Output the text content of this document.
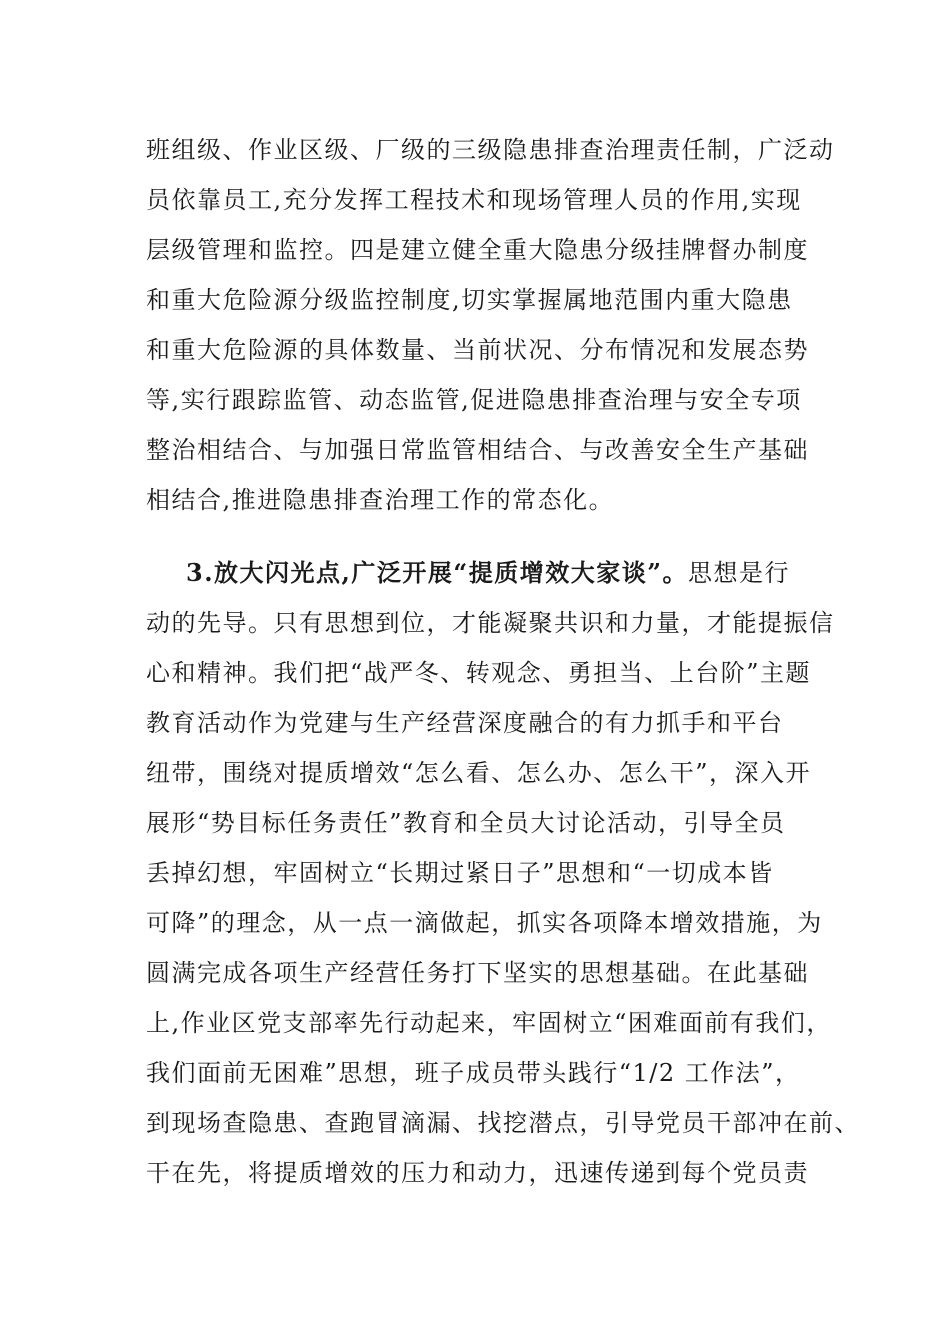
班组级、作业区级、厂级的三级隐患排查治理责任制，广泛动
员依靠员工,充分发挥工程技术和现场管理人员的作用,实现
层级管理和监控。四是建立健全重大隐患分级挂牌督办制度
和重大危险源分级监控制度,切实掌握属地范围内重大隐患
和重大危险源的具体数量、当前状况、分布情况和发展态势
等,实行跟踪监管、动态监管,促进隐患排查治理与安全专项
整治相结合、与加强日常监管相结合、与改善安全生产基础
相结合,推进隐患排查治理工作的常态化。
3.放大闪光点,广泛开展“提质增效大家谈”。思想是行
动的先导。只有思想到位，才能凝聚共识和力量，才能提振信
心和精神。我们把“战严冬、转观念、勇担当、上台阶”主题
教育活动作为党建与生产经营深度融合的有力抓手和平台
纽带，围绕对提质增效“怎么看、怎么办、怎么干”，深入开
展形“势目标任务责任”教育和全员大讨论活动，引导全员
丢掉幻想，牢固树立“长期过紧日子”思想和“一切成本皆
可降”的理念，从一点一滴做起，抓实各项降本增效措施，为
圆满完成各项生产经营任务打下坚实的思想基础。在此基础
上,作业区党支部率先行动起来，牢固树立“困难面前有我们，
我们面前无困难”思想，班子成员带头践行“1/2 工作法”，
到现场查隐患、查跑冒滴漏、找挖潜点，引导党员干部冲在前、
干在先，将提质增效的压力和动力，迅速传递到每个党员责
